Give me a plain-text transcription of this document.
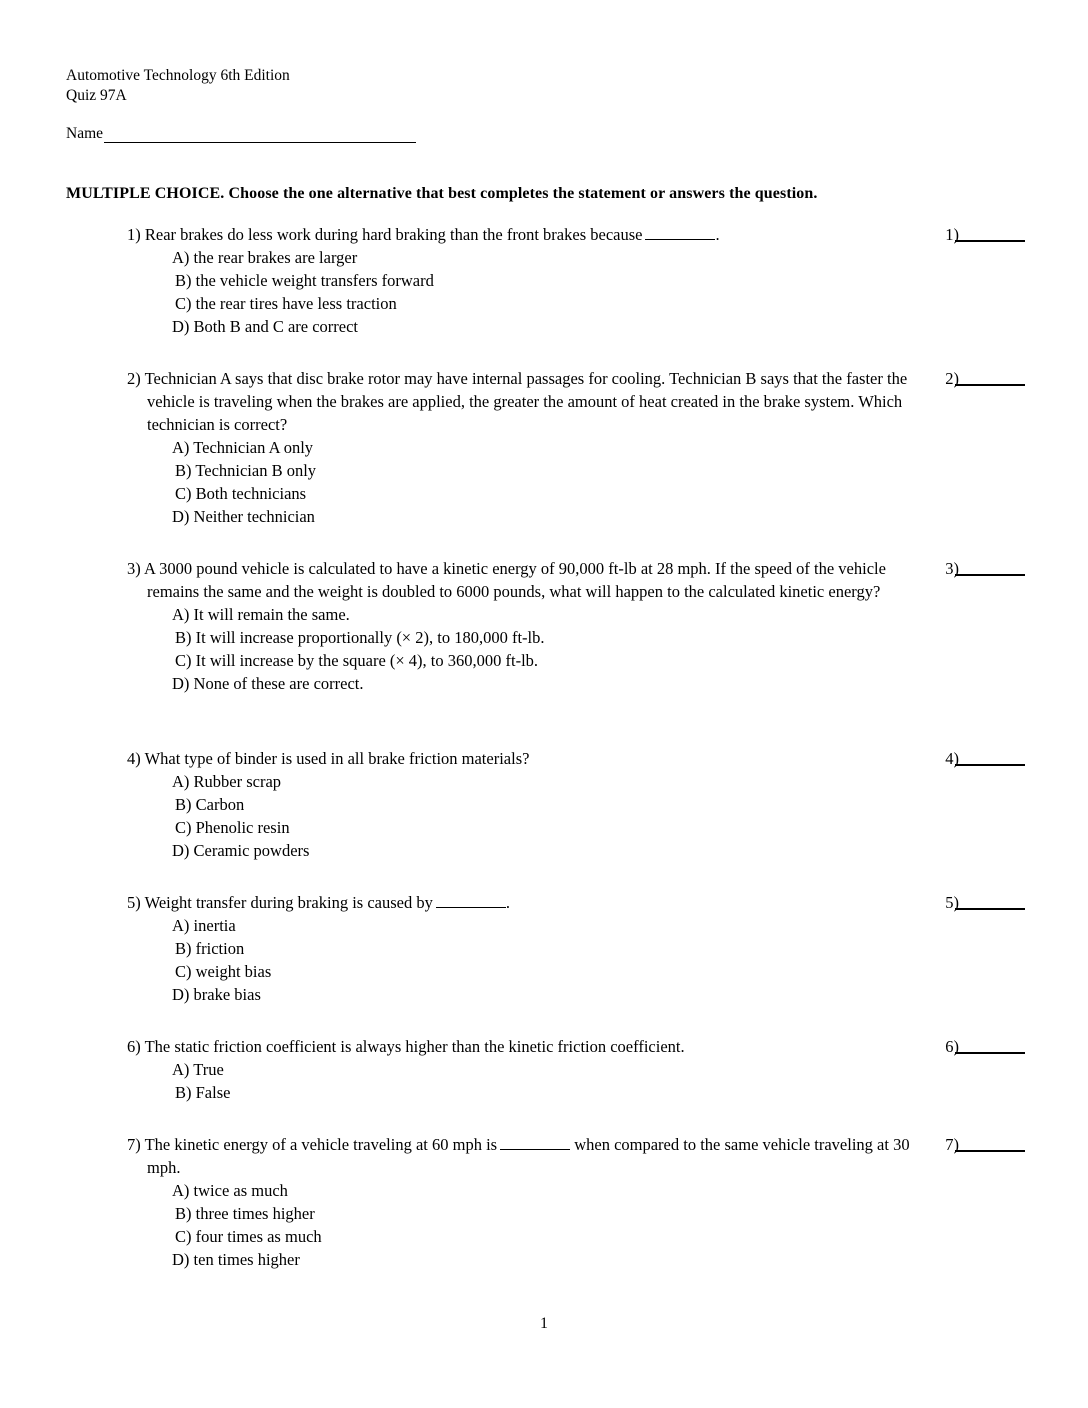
Automotive Technology 6th Edition
Quiz 97A
Name
MULTIPLE CHOICE. Choose the one alternative that best completes the statement or answers the question.
1) Rear brakes do less work during hard braking than the front brakes because	.	1)
A) the rear brakes are larger
B) the vehicle weight transfers forward
C) the rear tires have less traction
D) Both B and C are correct
2) Technician A says that disc brake rotor may have internal passages for cooling. Technician B says that the faster the vehicle is traveling when the brakes are applied, the greater the amount of heat created in the brake system. Which technician is correct?
2)
A) Technician A only
B) Technician B only
C) Both technicians
D) Neither technician
3) A 3000 pound vehicle is calculated to have a kinetic energy of 90,000 ft-lb at 28 mph. If the speed of the vehicle remains the same and the weight is doubled to 6000 pounds, what will happen to the calculated kinetic energy?
3)
A) It will remain the same.
B) It will increase proportionally (× 2), to 180,000 ft-lb.
C) It will increase by the square (× 4), to 360,000 ft-lb.
D) None of these are correct.
4) What type of binder is used in all brake friction materials?	4)
A) Rubber scrap
B) Carbon
C) Phenolic resin
D) Ceramic powders
5) Weight transfer during braking is caused by	.	5)
A) inertia
B) friction
C) weight bias
D) brake bias
6) The static friction coefficient is always higher than the kinetic friction coefficient.	6)
A) True
B) False
7) The kinetic energy of a vehicle traveling at 60 mph is	when compared to the same vehicle traveling at 30 mph.
7)
A) twice as much
B) three times higher
C) four times as much
D) ten times higher
1
